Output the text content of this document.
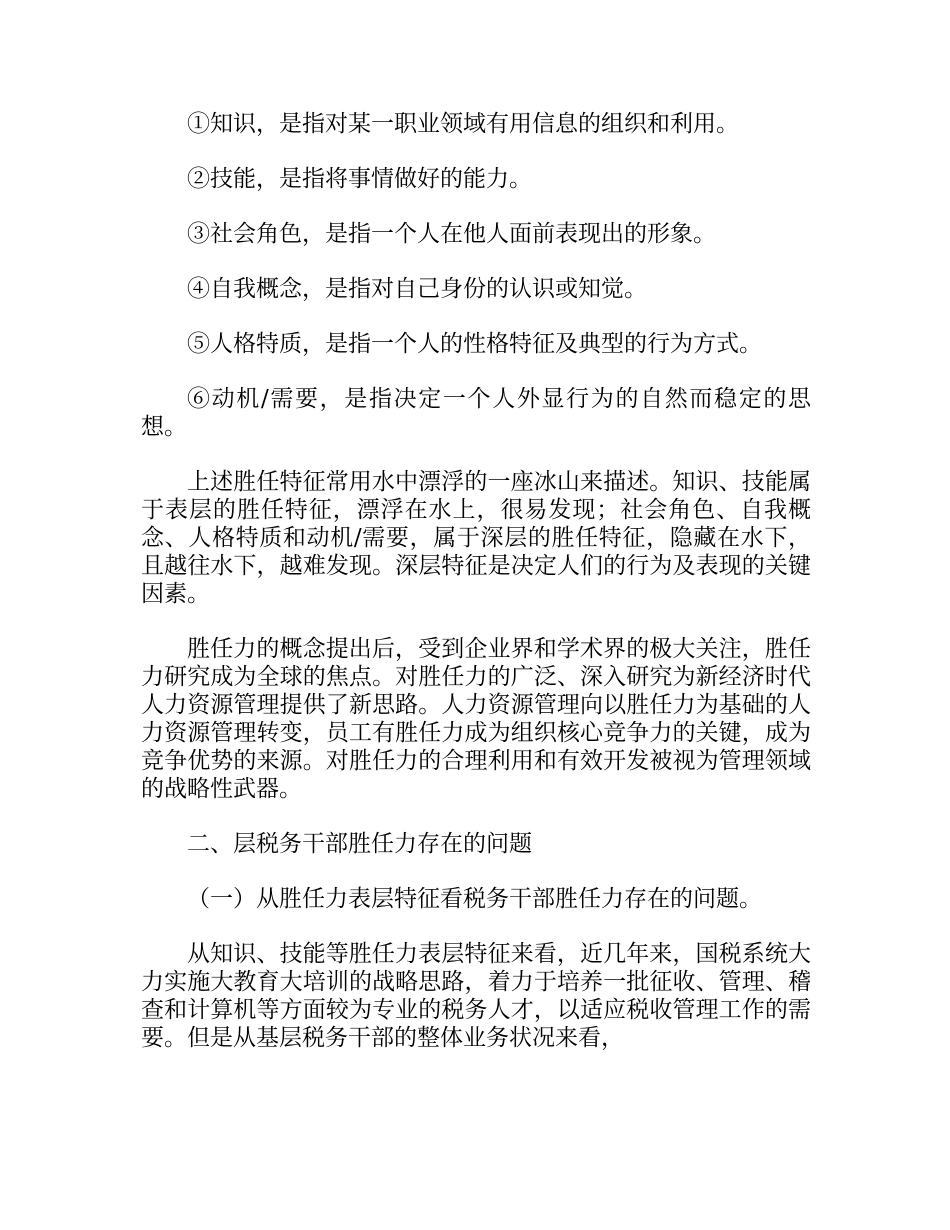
①知识，是指对某一职业领域有用信息的组织和利用。

②技能，是指将事情做好的能力。

③社会角色，是指一个人在他人面前表现出的形象。

④自我概念，是指对自己身份的认识或知觉。

⑤人格特质，是指一个人的性格特征及典型的行为方式。

⑥动机/需要，是指决定一个人外显行为的自然而稳定的思想。

上述胜任特征常用水中漂浮的一座冰山来描述。知识、技能属于表层的胜任特征，漂浮在水上，很易发现；社会角色、自我概念、人格特质和动机/需要，属于深层的胜任特征，隐藏在水下，且越往水下，越难发现。深层特征是决定人们的行为及表现的关键因素。

胜任力的概念提出后，受到企业界和学术界的极大关注，胜任力研究成为全球的焦点。对胜任力的广泛、深入研究为新经济时代人力资源管理提供了新思路。人力资源管理向以胜任力为基础的人力资源管理转变，员工有胜任力成为组织核心竞争力的关键，成为竞争优势的来源。对胜任力的合理利用和有效开发被视为管理领域的战略性武器。

二、层税务干部胜任力存在的问题

（一）从胜任力表层特征看税务干部胜任力存在的问题。

从知识、技能等胜任力表层特征来看，近几年来，国税系统大力实施大教育大培训的战略思路，着力于培养一批征收、管理、稽查和计算机等方面较为专业的税务人才，以适应税收管理工作的需要。但是从基层税务干部的整体业务状况来看，
